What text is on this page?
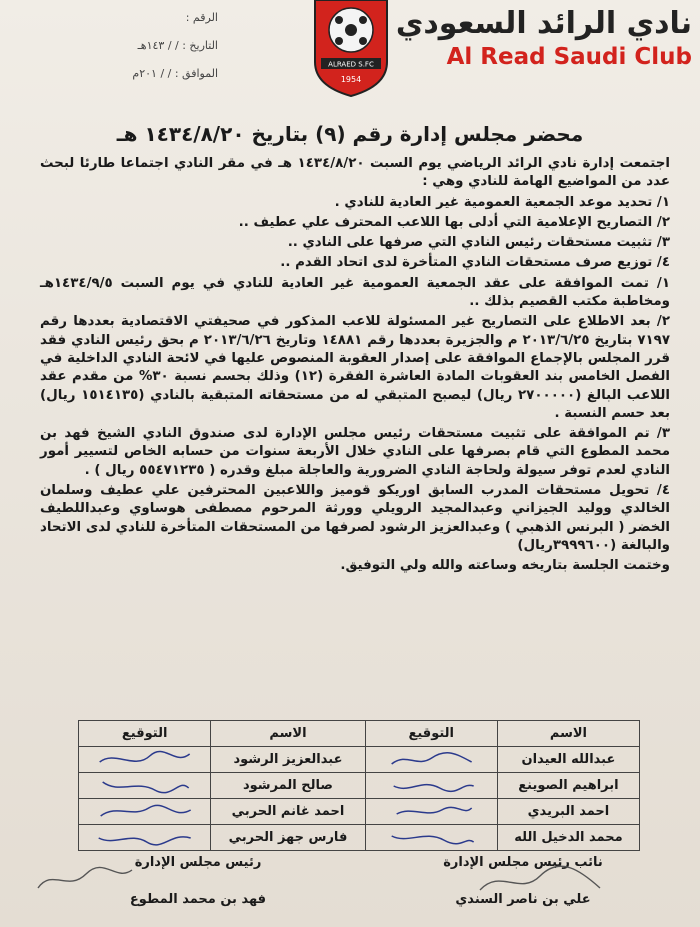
نادي الرائد السعودي
Al Read Saudi Club
ALRAED S.FC
1954
الرقم :
التاريخ : / / ١٤٣هـ
الموافق : / / ٢٠١م
محضر مجلس إدارة رقم (٩) بتاريخ ١٤٣٤/٨/٢٠ هـ

اجتمعت إدارة نادي الرائد الرياضي يوم السبت ١٤٣٤/٨/٢٠ هـ في مقر النادي اجتماعا طارئا لبحث عدد من المواضيع الهامة للنادي وهي :

١/ تحديد موعد الجمعية العمومية غير العادية للنادي .

٢/ التصاريح الإعلامية التي أدلى بها اللاعب المحترف علي عطيف ..

٣/ تثبيت مستحقات رئيس النادي التي صرفها على النادي ..

٤/ توزيع صرف مستحقات النادي المتأخرة لدى اتحاد القدم ..

١/ تمت الموافقة على عقد الجمعية العمومية غير العادية للنادي في يوم السبت ١٤٣٤/٩/٥هـ ومخاطبة مكتب القصيم بذلك ..

٢/ بعد الاطلاع على التصاريح غير المسئولة للاعب المذكور في صحيفتي الاقتصادية بعددها رقم ٧١٩٧ بتاريخ ٢٠١٣/٦/٢٥ م والجزيرة بعددها رقم ١٤٨٨١ وتاريخ ٢٠١٣/٦/٢٦ م بحق رئيس النادي فقد قرر المجلس بالإجماع الموافقة على إصدار العقوبة المنصوص عليها في لائحة النادي الداخلية في الفصل الخامس بند العقوبات المادة العاشرة الفقرة (١٢) وذلك بحسم نسبة ٣٠% من مقدم عقد اللاعب البالغ (٢٧٠٠٠٠٠ ريال) ليصبح المتبقي له من مستحقاته المتبقية بالنادي (١٥١٤١٣٥ ريال) بعد حسم النسبة .

٣/ تم الموافقة على تثبيت مستحقات رئيس مجلس الإدارة لدى صندوق النادي الشيخ فهد بن محمد المطوع التي قام بصرفها على النادي خلال الأربعة سنوات من حسابه الخاص لتسيير أمور النادي لعدم توفر سيولة ولحاجة النادي الضرورية والعاجلة مبلغ وقدره ( ٥٥٤٧١٢٣٥ ريال ) .

٤/ تحويل مستحقات المدرب السابق اوريكو قوميز واللاعبين المحترفين علي عطيف وسلمان الخالدي ووليد الجيزاني وعبدالمجيد الرويلي وورثة المرحوم مصطفى هوساوي وعبداللطيف الخضر ( البرنس الذهبي ) وعبدالعزيز الرشود لصرفها من المستحقات المتأخرة للنادي لدى الاتحاد والبالغة (٣٩٩٩٦٠٠ريال)

وختمت الجلسة بتاريخه وساعته والله ولي التوفيق.

الاسم	التوقيع	الاسم	التوقيع
عبدالله العيدان		عبدالعزيز الرشود	

ابراهيم الصوينع		صالح المرشود	

احمد البريدي		احمد غانم الحربي	

محمد الدخيل الله		فارس جهز الحربي	
نائب رئيس مجلس الإدارة
علي بن ناصر السندي
رئيس مجلس الإدارة
فهد بن محمد المطوع
